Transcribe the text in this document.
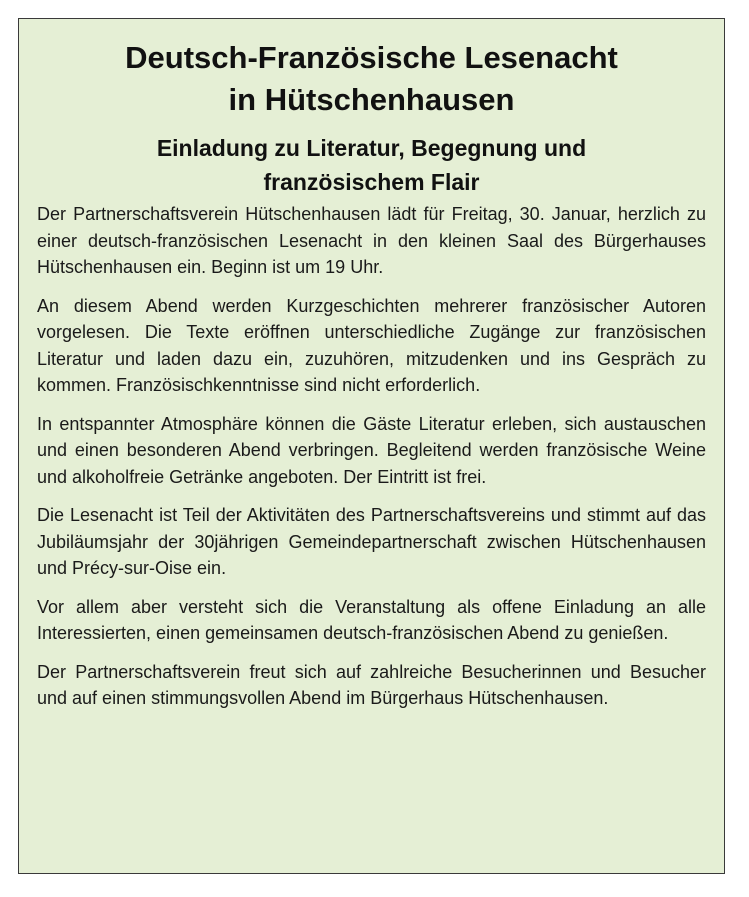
Deutsch-Französische Lesenacht
in Hütschenhausen
Einladung zu Literatur, Begegnung und
französischem Flair

Der Partnerschaftsverein Hütschenhausen lädt für Freitag, 30. Januar, herzlich zu einer deutsch-französischen Lesenacht in den kleinen Saal des Bürgerhauses Hütschenhausen ein. Beginn ist um 19 Uhr.

An diesem Abend werden Kurzgeschichten mehrerer französischer Autoren vorgelesen. Die Texte eröffnen unterschiedliche Zugänge zur französischen Literatur und laden dazu ein, zuzuhören, mitzudenken und ins Gespräch zu kommen. Französischkenntnisse sind nicht erforderlich.

In entspannter Atmosphäre können die Gäste Literatur erleben, sich austauschen und einen besonderen Abend verbringen. Begleitend werden französische Weine und alkoholfreie Getränke angeboten. Der Eintritt ist frei.

Die Lesenacht ist Teil der Aktivitäten des Partnerschaftsvereins und stimmt auf das Jubiläumsjahr der 30jährigen Gemeindepartnerschaft zwischen Hütschenhausen und Précy-sur-Oise ein.

Vor allem aber versteht sich die Veranstaltung als offene Einladung an alle Interessierten, einen gemeinsamen deutsch-französischen Abend zu genießen.

Der Partnerschaftsverein freut sich auf zahlreiche Besucherinnen und Besucher und auf einen stimmungsvollen Abend im Bürgerhaus Hütschenhausen.
